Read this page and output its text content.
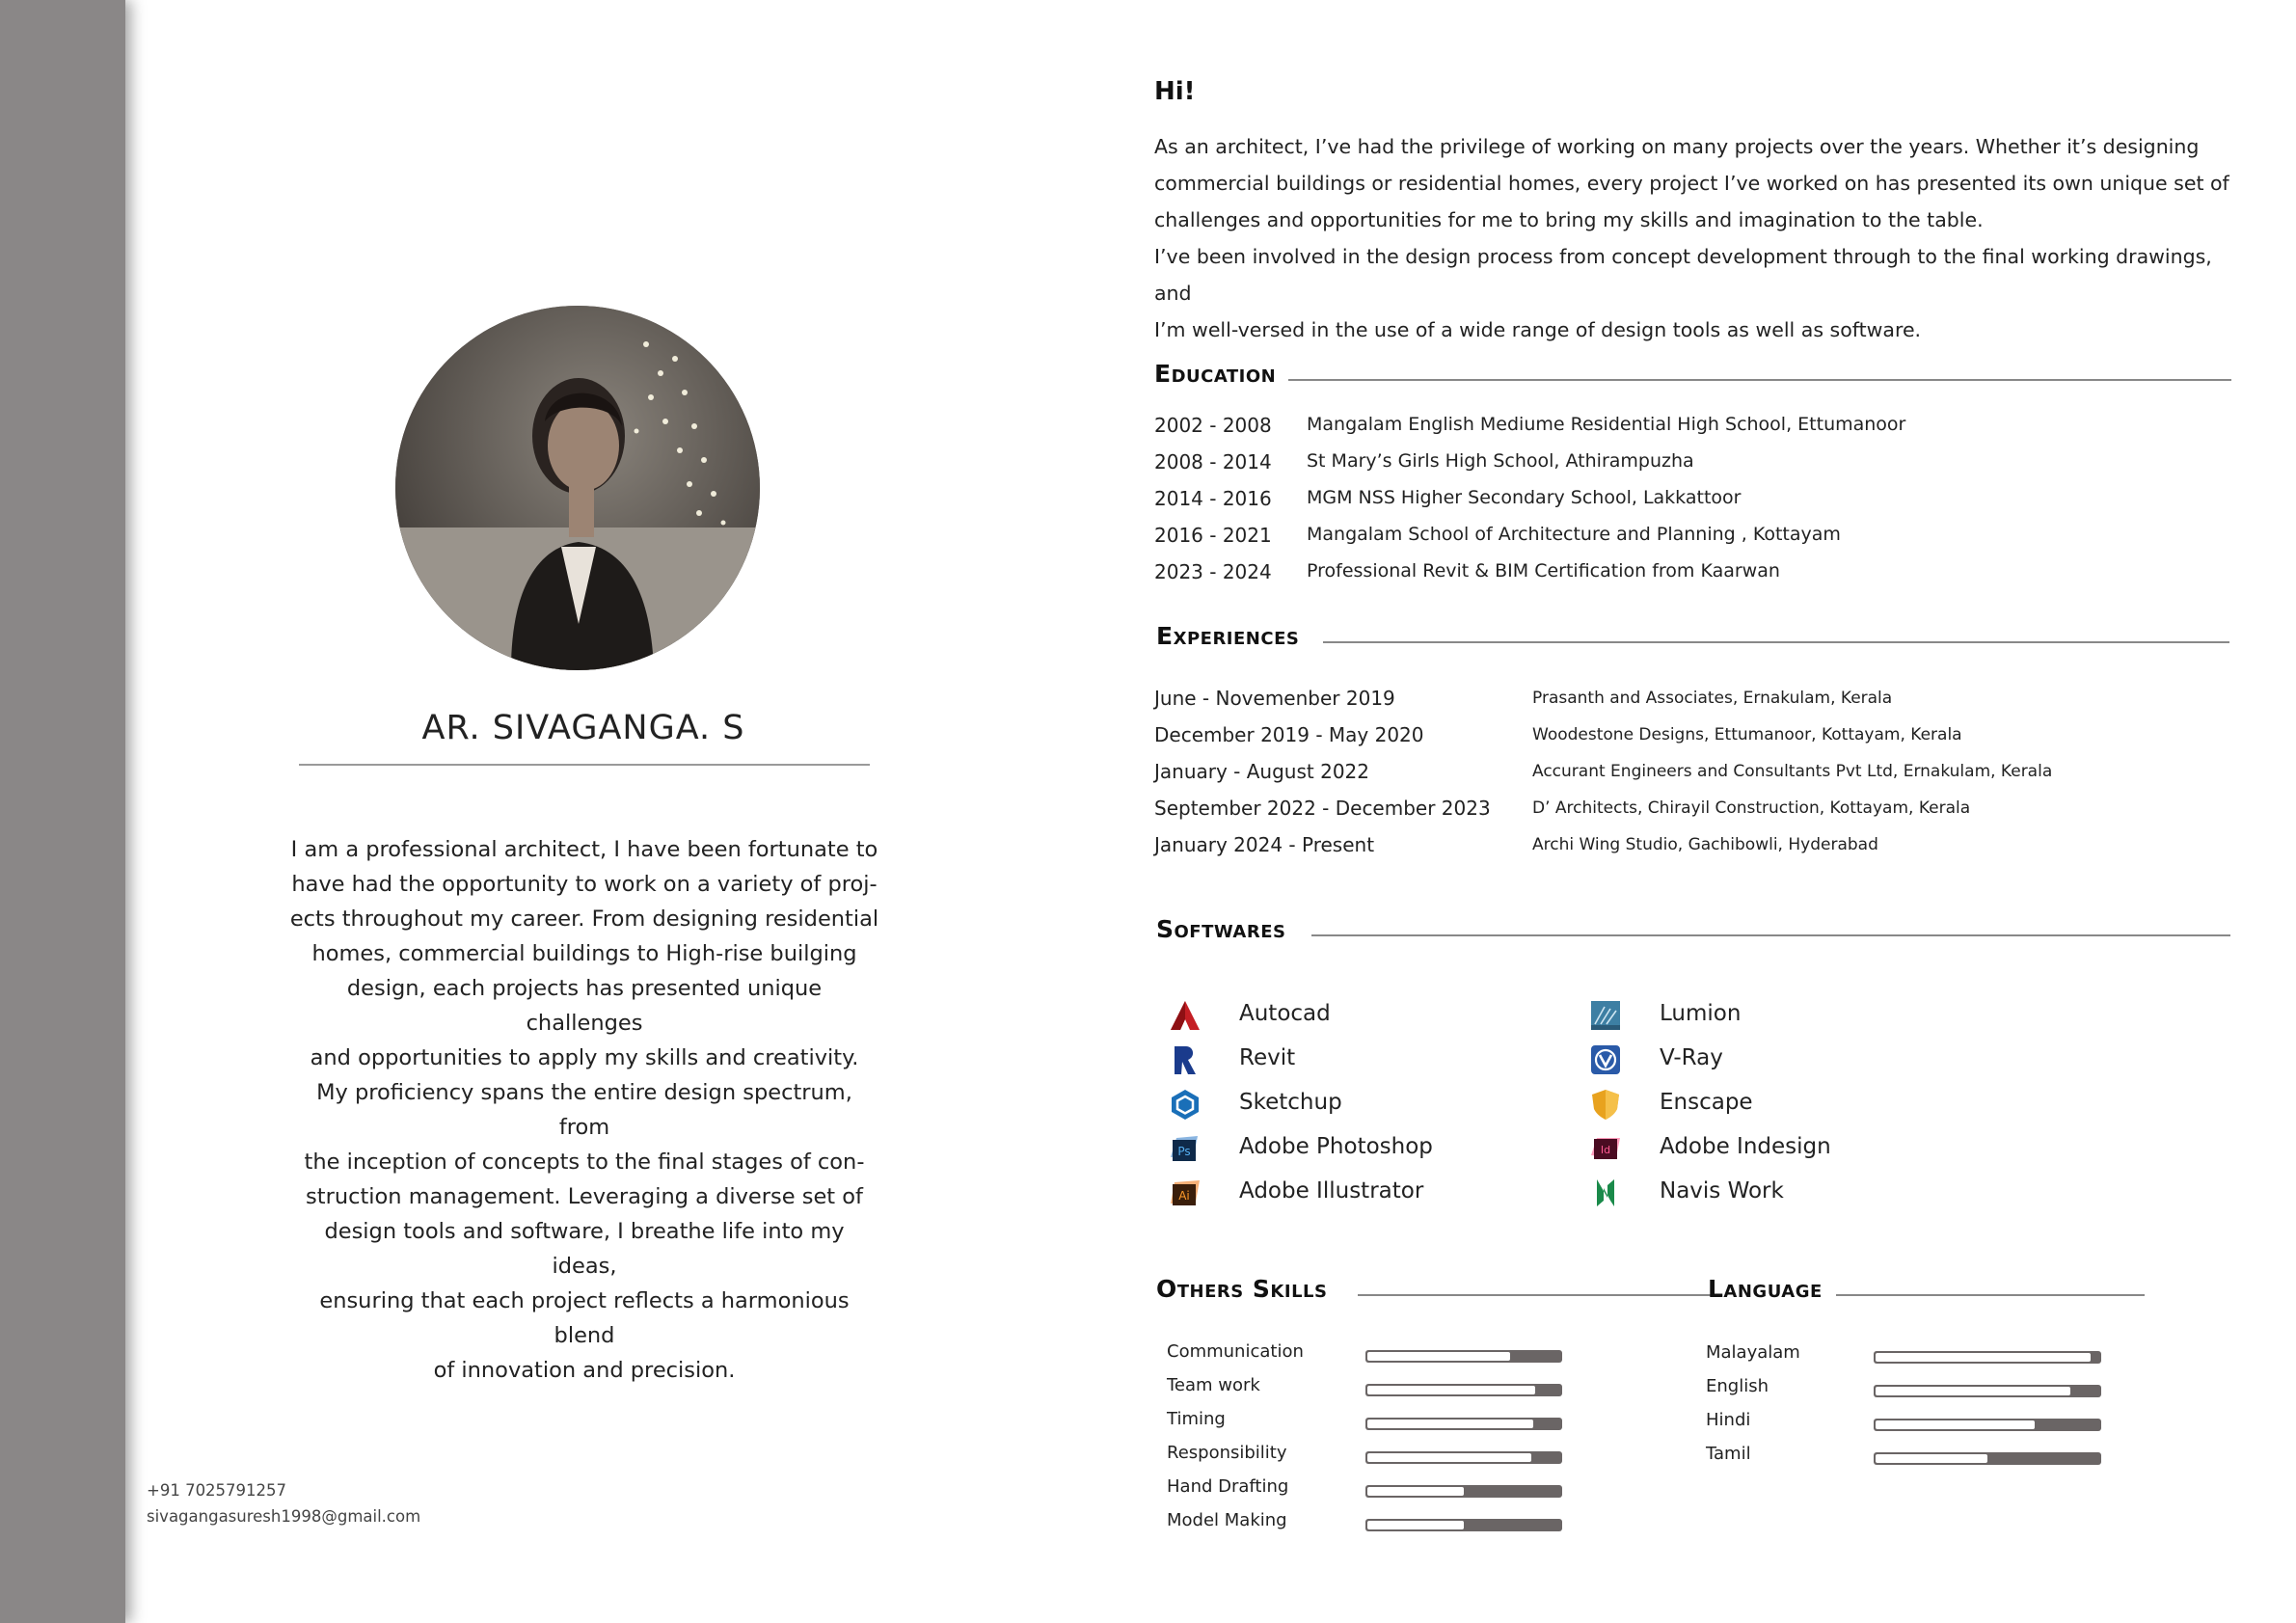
AR. SIVAGANGA. S

I am a professional architect, I have been fortunate to

have had the opportunity to work on a variety of proj-

ects throughout my career. From designing residential

homes, commercial buildings to High-rise builging

design, each projects has presented unique challenges

and opportunities to apply my skills and creativity.

My proficiency spans the entire design spectrum, from

the inception of concepts to the final stages of con-

struction management. Leveraging a diverse set of

design tools and software, I breathe life into my ideas,

ensuring that each project reflects a harmonious blend

of innovation and precision.

+91 7025791257
sivagangasuresh1998@gmail.com
Hi!

As an architect, I’ve had the privilege of working on many projects over the years. Whether it’s designing

commercial buildings or residential homes, every project I’ve worked on has presented its own unique set of

challenges and opportunities for me to bring my skills and imagination to the table.

I’ve been involved in the design process from concept development through to the final working drawings, and

I’m well-versed in the use of a wide range of design tools as well as software.

Education
2002 - 2008 Mangalam English Mediume Residential High School, Ettumanoor
2008 - 2014 St Mary’s Girls High School, Athirampuzha
2014 - 2016 MGM NSS Higher Secondary School, Lakkattoor
2016 - 2021 Mangalam School of Architecture and Planning , Kottayam
2023 - 2024 Professional Revit & BIM Certification from Kaarwan
Experiences
June - Novemenber 2019	Prasanth and Associates, Ernakulam, Kerala
December 2019 - May 2020	Woodestone Designs, Ettumanoor, Kottayam, Kerala
January - August 2022	Accurant Engineers and Consultants Pvt Ltd, Ernakulam, Kerala
September 2022 - December 2023	D’ Architects, Chirayil Construction, Kottayam, Kerala
January 2024 - Present	Archi Wing Studio, Gachibowli, Hyderabad
Softwares
Autocad
Revit
Sketchup
Ps Adobe Photoshop
Ai Adobe Illustrator
Lumion
V-Ray
Enscape
Id Adobe Indesign
Navis Work
Others Skills
Communication
Team work
Timing
Responsibility
Hand Drafting
Model Making
Language
Malayalam
English
Hindi
Tamil
